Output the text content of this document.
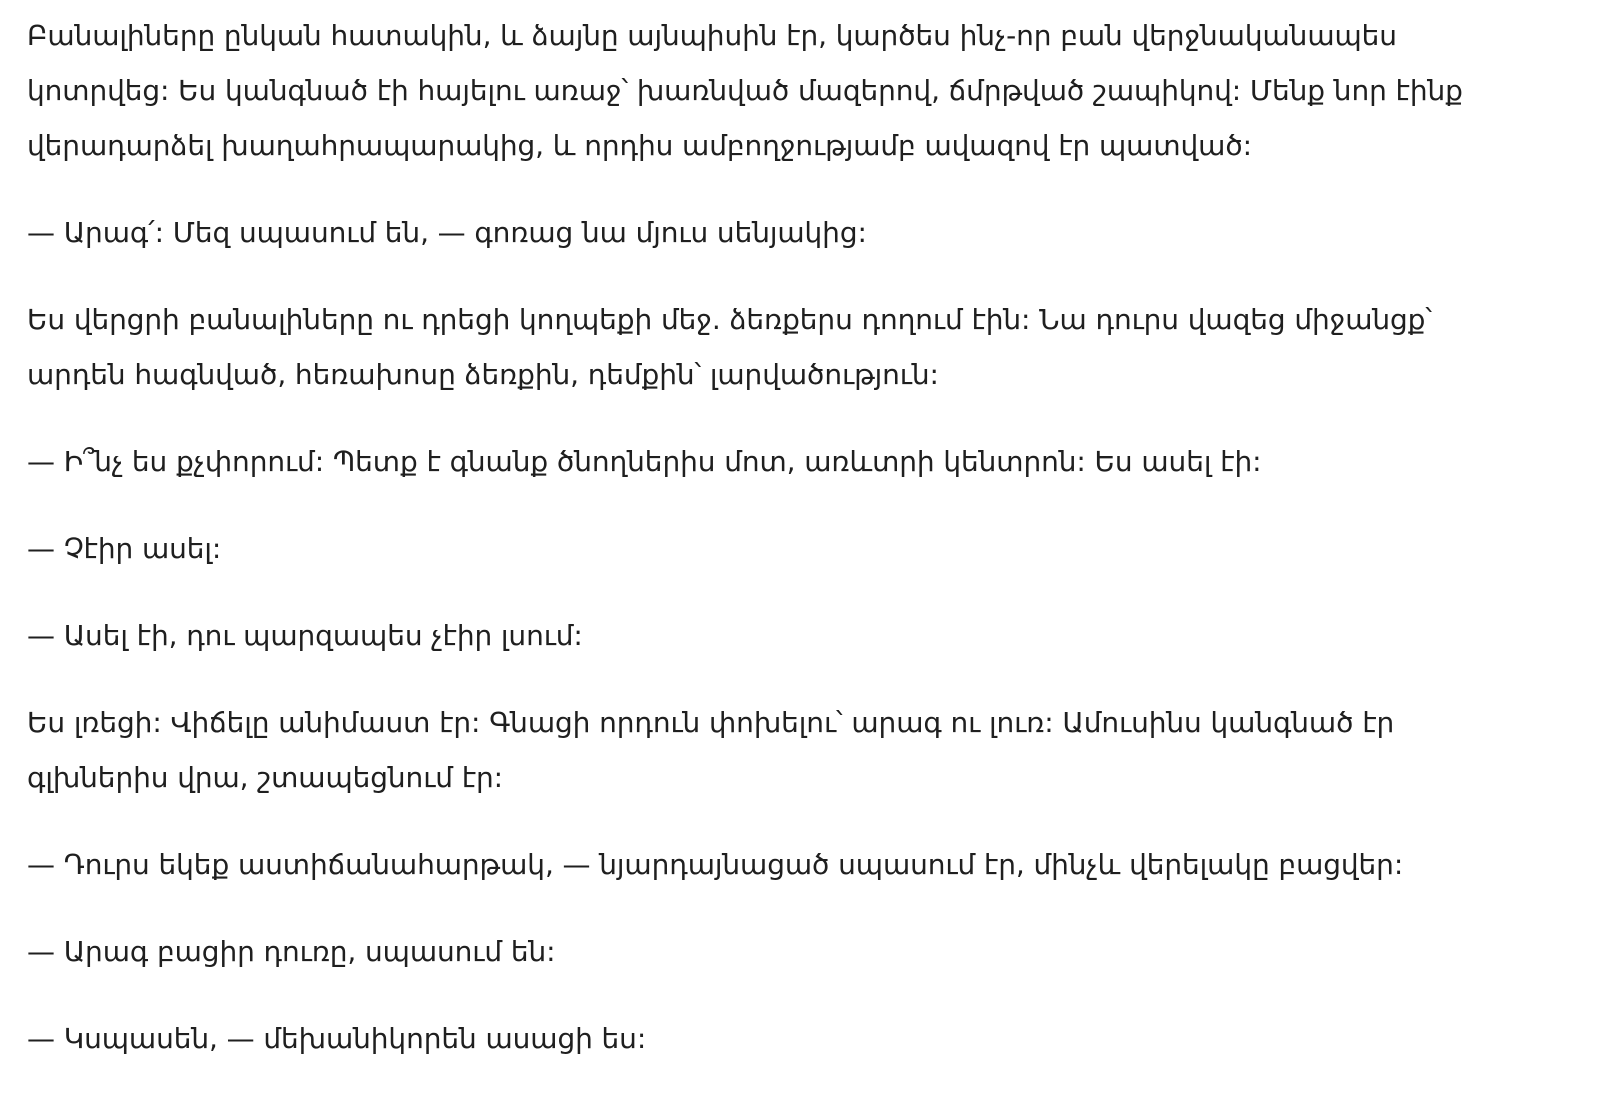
Բանալիները ընկան հատակին, և ձայնը այնպիսին էր, կարծես ինչ-որ բան վերջնականապես
կոտրվեց: Ես կանգնած էի հայելու առաջ՝ խառնված մազերով, ճմրթված շապիկով: Մենք նոր էինք
վերադարձել խաղահրապարակից, և որդիս ամբողջությամբ ավազով էր պատված:

— Արագ՛: Մեզ սպասում են, — գոռաց նա մյուս սենյակից:

Ես վերցրի բանալիները ու դրեցի կողպեքի մեջ. ձեռքերս դողում էին: Նա դուրս վազեց միջանցք՝
արդեն հագնված, հեռախոսը ձեռքին, դեմքին՝ լարվածություն:

— Ի՞նչ ես քչփորում: Պետք է գնանք ծնողներիս մոտ, առևտրի կենտրոն: Ես ասել էի:

— Չէիր ասել:

— Ասել էի, դու պարզապես չէիր լսում:

Ես լռեցի: Վիճելը անիմաստ էր: Գնացի որդուն փոխելու՝ արագ ու լուռ: Ամուսինս կանգնած էր
գլխներիս վրա, շտապեցնում էր:

— Դուրս եկեք աստիճանահարթակ, — նյարդայնացած սպասում էր, մինչև վերելակը բացվեր:

— Արագ բացիր դուռը, սպասում են:

— Կսպասեն, — մեխանիկորեն ասացի ես:
